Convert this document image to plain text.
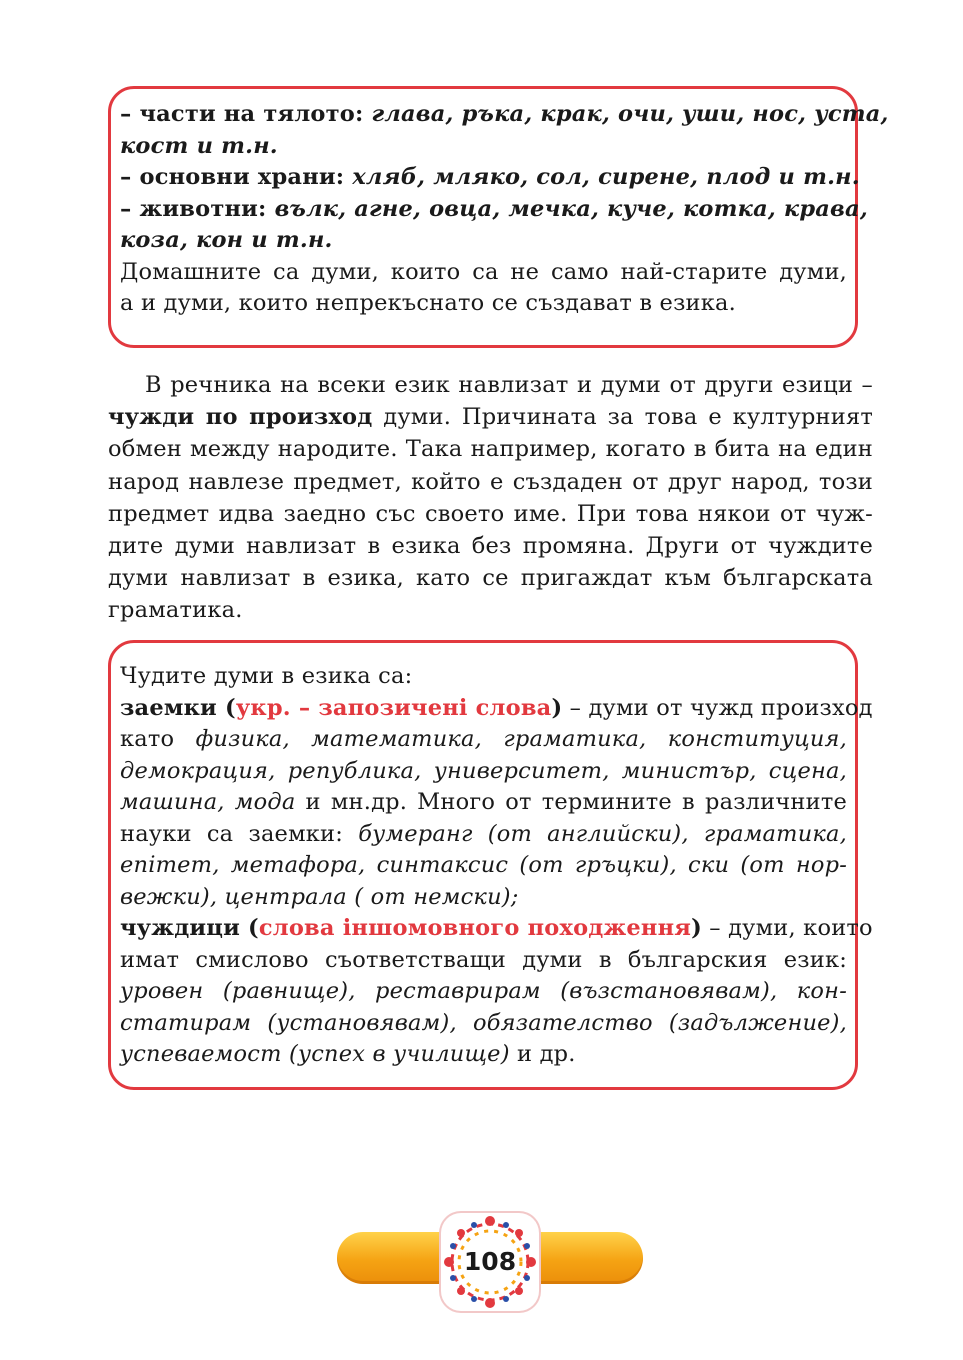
– части на тялото: глава, ръка, крак, очи, уши, нос, уста,
кост и т.н.
– основни храни: хляб, мляко, сол, сирене, плод и т.н.
– животни: вълк, агне, овца, мечка, куче, котка, крава,
коза, кон и т.н.
Домашните са думи, които са не само най-старите думи,
а и думи, които непрекъснато се създават в езика.
В речника на всеки език навлизат и думи от други езици –
чужди по произход думи. Причината за това е културният
обмен между народите. Така например, когато в бита на един
народ навлезе предмет, който е създаден от друг народ, този
предмет идва заедно със своето име. При това някои от чуж-
дите думи навлизат в езика без промяна. Други от чуждите
думи навлизат в езика, като се пригаждат към българската
граматика.
Чудите думи в езика са:
заемки (укр. – запозичені слова) – думи от чужд произход
като физика, математика, граматика, конституция,
демокрация, република, университет, министър, сцена,
машина, мода и мн.др. Много от термините в различните
науки са заемки: бумеранг (от английски), граматика,
епітет, метафора, синтаксис (от гръцки), ски (от нор-
вежки), централа ( от немски);
чуждици (слова іншомовного походження) – думи, които
имат смислово съответстващи думи в българския език:
уровен (равнище), реставрирам (възстановявам), кон-
статирам (установявам), обязателство (задължение),
успеваемост (успех в училище) и др.
108
